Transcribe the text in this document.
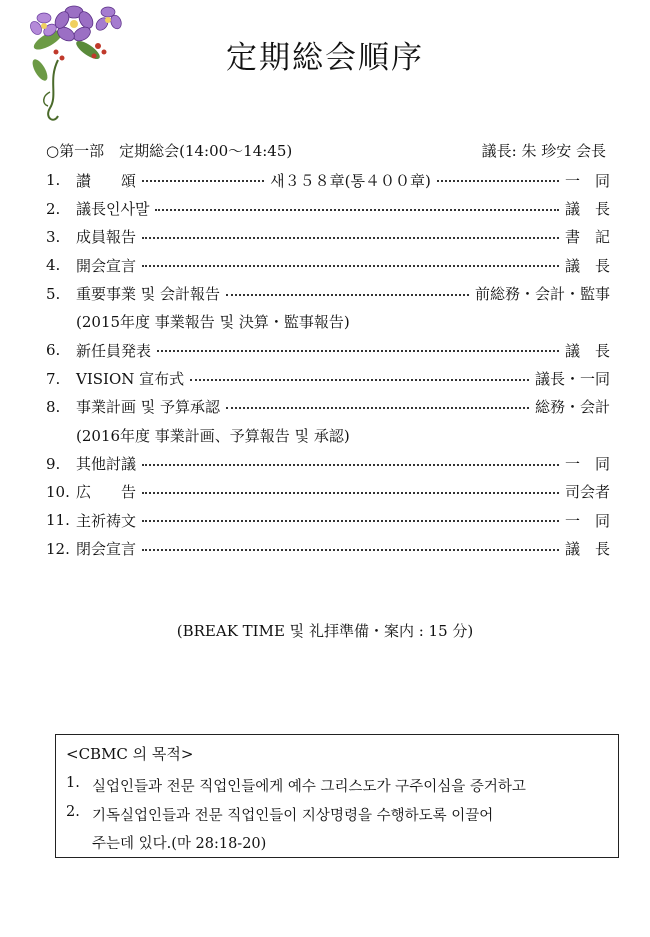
定期総会順序
○第一部　定期総会(14:00～14:45)	議長: 朱 珍安 会長
1.	讃　　頌	새３５８章(통４００章)	一　同
2.	議長인사말	議　長
3.	成員報告	書　記
4.	開会宣言	議　長
5.	重要事業 및 会計報告	前総務・会計・監事
(2015年度 事業報告 및 決算・監事報告)
6.	新任員発表	議　長
7.	VISION 宣布式	議長・一同
8.	事業計画 및 予算承認	総務・会計
(2016年度 事業計画、予算報告 및 承認)
9.	其他討議	一　同
10. 広　　告	司会者
11. 主祈祷文	一　同
12. 閉会宣言	議　長
(BREAK TIME 및 礼拝準備・案内 : 15 分)
<CBMC 의 목적>
1. 실업인들과 전문 직업인들에게 예수 그리스도가 구주이심을 증거하고
2. 기독실업인들과 전문 직업인들이 지상명령을 수행하도록 이끌어
주는데 있다.(마 28:18-20)
